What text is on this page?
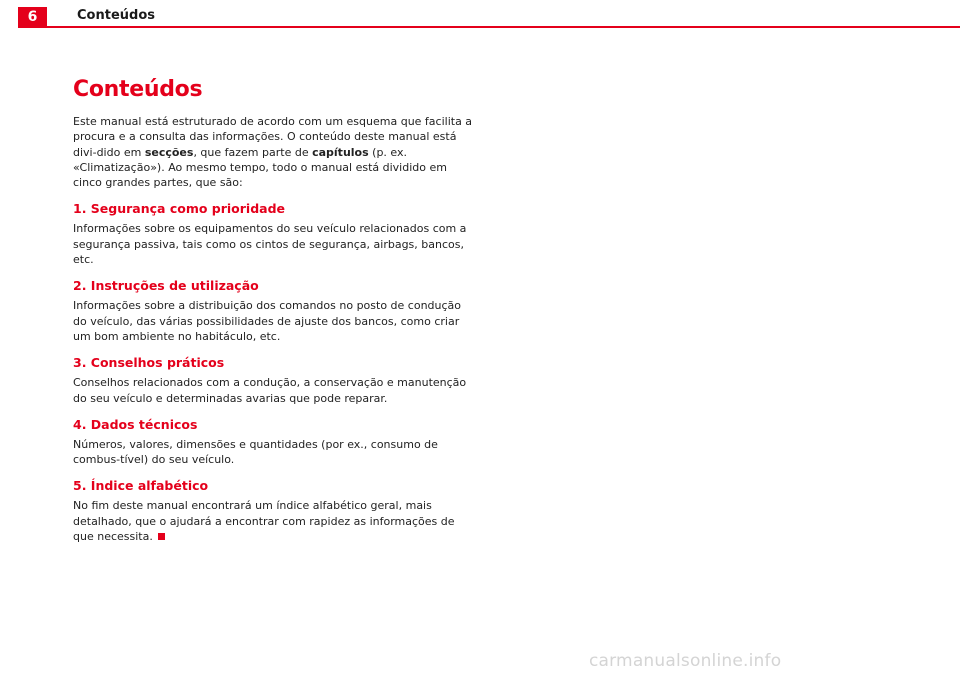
6	Conteúdos
Conteúdos

Este manual está estruturado de acordo com um esquema que facilita a procura e a consulta das informações. O conteúdo deste manual está divi-dido em secções, que fazem parte de capítulos (p. ex. «Climatização»). Ao mesmo tempo, todo o manual está dividido em cinco grandes partes, que são:

1. Segurança como prioridade

Informações sobre os equipamentos do seu veículo relacionados com a segurança passiva, tais como os cintos de segurança, airbags, bancos, etc.

2. Instruções de utilização

Informações sobre a distribuição dos comandos no posto de condução do veículo, das várias possibilidades de ajuste dos bancos, como criar um bom ambiente no habitáculo, etc.

3. Conselhos práticos

Conselhos relacionados com a condução, a conservação e manutenção do seu veículo e determinadas avarias que pode reparar.

4. Dados técnicos

Números, valores, dimensões e quantidades (por ex., consumo de combus-tível) do seu veículo.

5. Índice alfabético

No fim deste manual encontrará um índice alfabético geral, mais detalhado, que o ajudará a encontrar com rapidez as informações de que necessita.

carmanualsonline.info
